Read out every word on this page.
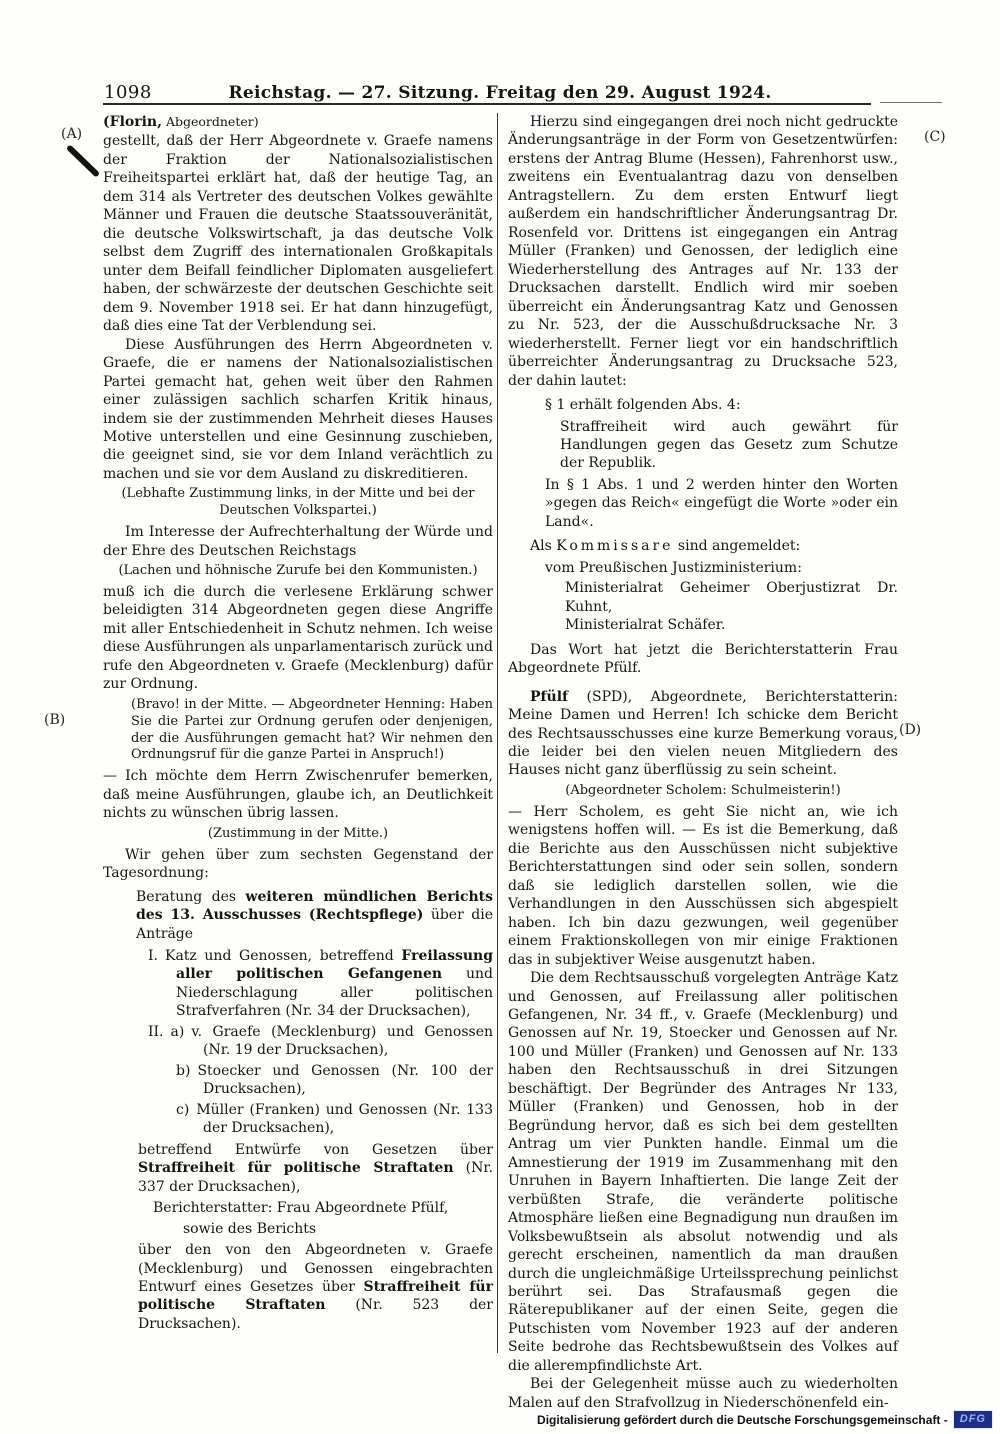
1098	Reichstag. — 27. Sitzung. Freitag den 29. August 1924.
(A)
(B)
(C)
(D)

(Florin, Abgeordneter)

gestellt, daß der Herr Abgeordnete v. Graefe namens der Fraktion der Nationalsozialistischen Freiheitspartei erklärt hat, daß der heutige Tag, an dem 314 als Vertreter des deutschen Volkes gewählte Männer und Frauen die deutsche Staatssouveränität, die deutsche Volkswirtschaft, ja das deutsche Volk selbst dem Zugriff des internationalen Großkapitals unter dem Beifall feindlicher Diplomaten ausgeliefert haben, der schwärzeste der deutschen Geschichte seit dem 9. November 1918 sei. Er hat dann hinzugefügt, daß dies eine Tat der Verblendung sei.

Diese Ausführungen des Herrn Abgeordneten v. Graefe, die er namens der Nationalsozialistischen Partei gemacht hat, gehen weit über den Rahmen einer zulässigen sachlich scharfen Kritik hinaus, indem sie der zustimmenden Mehrheit dieses Hauses Motive unterstellen und eine Gesinnung zuschieben, die geeignet sind, sie vor dem Inland verächtlich zu machen und sie vor dem Ausland zu diskreditieren.

(Lebhafte Zustimmung links, in der Mitte und bei der Deutschen Volkspartei.)

Im Interesse der Aufrechterhaltung der Würde und der Ehre des Deutschen Reichstags

(Lachen und höhnische Zurufe bei den Kommunisten.)

muß ich die durch die verlesene Erklärung schwer beleidigten 314 Abgeordneten gegen diese Angriffe mit aller Entschiedenheit in Schutz nehmen. Ich weise diese Ausführungen als unparlamentarisch zurück und rufe den Abgeordneten v. Graefe (Mecklenburg) dafür zur Ordnung.

(Bravo! in der Mitte. — Abgeordneter Henning: Haben Sie die Partei zur Ordnung gerufen oder denjenigen, der die Ausführungen gemacht hat? Wir nehmen den Ordnungsruf für die ganze Partei in Anspruch!)

— Ich möchte dem Herrn Zwischenrufer bemerken, daß meine Ausführungen, glaube ich, an Deutlichkeit nichts zu wünschen übrig lassen.

(Zustimmung in der Mitte.)

Wir gehen über zum sechsten Gegenstand der Tagesordnung:

Beratung des weiteren mündlichen Berichts des 13. Ausschusses (Rechtspflege) über die Anträge

I. Katz und Genossen, betreffend Freilassung aller politischen Gefangenen und Niederschlagung aller politischen Strafverfahren (Nr. 34 der Drucksachen),

II. a) v. Graefe (Mecklenburg) und Genossen (Nr. 19 der Drucksachen),

b) Stoecker und Genossen (Nr. 100 der Drucksachen),

c) Müller (Franken) und Genossen (Nr. 133 der Drucksachen),

betreffend Entwürfe von Gesetzen über Straffreiheit für politische Straftaten (Nr. 337 der Drucksachen),

Berichterstatter: Frau Abgeordnete Pfülf,

sowie des Berichts

über den von den Abgeordneten v. Graefe (Mecklenburg) und Genossen eingebrachten Entwurf eines Gesetzes über Straffreiheit für politische Straftaten (Nr. 523 der Drucksachen).

Hierzu sind eingegangen drei noch nicht gedruckte Änderungsanträge in der Form von Gesetzentwürfen: erstens der Antrag Blume (Hessen), Fahrenhorst usw., zweitens ein Eventualantrag dazu von denselben Antragstellern. Zu dem ersten Entwurf liegt außerdem ein handschriftlicher Änderungsantrag Dr. Rosenfeld vor. Drittens ist eingegangen ein Antrag Müller (Franken) und Genossen, der lediglich eine Wiederherstellung des Antrages auf Nr. 133 der Drucksachen darstellt. Endlich wird mir soeben überreicht ein Änderungsantrag Katz und Genossen zu Nr. 523, der die Ausschußdrucksache Nr. 3 wiederherstellt. Ferner liegt vor ein handschriftlich überreichter Änderungsantrag zu Drucksache 523, der dahin lautet:

§ 1 erhält folgenden Abs. 4:

Straffreiheit wird auch gewährt für Handlungen gegen das Gesetz zum Schutze der Republik.

In § 1 Abs. 1 und 2 werden hinter den Worten »gegen das Reich« eingefügt die Worte »oder ein Land«.

Als Kommissare sind angemeldet:

vom Preußischen Justizministerium:

Ministerialrat Geheimer Oberjustizrat Dr. Kuhnt,

Ministerialrat Schäfer.

Das Wort hat jetzt die Berichterstatterin Frau Abgeordnete Pfülf.

Pfülf (SPD), Abgeordnete, Berichterstatterin: Meine Damen und Herren! Ich schicke dem Bericht des Rechtsausschusses eine kurze Bemerkung voraus, die leider bei den vielen neuen Mitgliedern des Hauses nicht ganz überflüssig zu sein scheint.

(Abgeordneter Scholem: Schulmeisterin!)

— Herr Scholem, es geht Sie nicht an, wie ich wenigstens hoffen will. — Es ist die Bemerkung, daß die Berichte aus den Ausschüssen nicht subjektive Berichterstattungen sind oder sein sollen, sondern daß sie lediglich darstellen sollen, wie die Verhandlungen in den Ausschüssen sich abgespielt haben. Ich bin dazu gezwungen, weil gegenüber einem Fraktionskollegen von mir einige Fraktionen das in subjektiver Weise ausgenutzt haben.

Die dem Rechtsausschuß vorgelegten Anträge Katz und Genossen, auf Freilassung aller politischen Gefangenen, Nr. 34 ff., v. Graefe (Mecklenburg) und Genossen auf Nr. 19, Stoecker und Genossen auf Nr. 100 und Müller (Franken) und Genossen auf Nr. 133 haben den Rechtsausschuß in drei Sitzungen beschäftigt. Der Begründer des Antrages Nr 133, Müller (Franken) und Genossen, hob in der Begründung hervor, daß es sich bei dem gestellten Antrag um vier Punkten handle. Einmal um die Amnestierung der 1919 im Zusammenhang mit den Unruhen in Bayern Inhaftierten. Die lange Zeit der verbüßten Strafe, die veränderte politische Atmosphäre ließen eine Begnadigung nun draußen im Volksbewußtsein als absolut notwendig und als gerecht erscheinen, namentlich da man draußen durch die ungleichmäßige Urteilssprechung peinlichst berührt sei. Das Strafausmaß gegen die Räterepublikaner auf der einen Seite, gegen die Putschisten vom November 1923 auf der anderen Seite bedrohe das Rechtsbewußtsein des Volkes auf die allerempfindlichste Art.

Bei der Gelegenheit müsse auch zu wiederholten Malen auf den Strafvollzug in Niederschönenfeld ein-

Digitalisierung gefördert durch die Deutsche Forschungsgemeinschaft -	DFG
